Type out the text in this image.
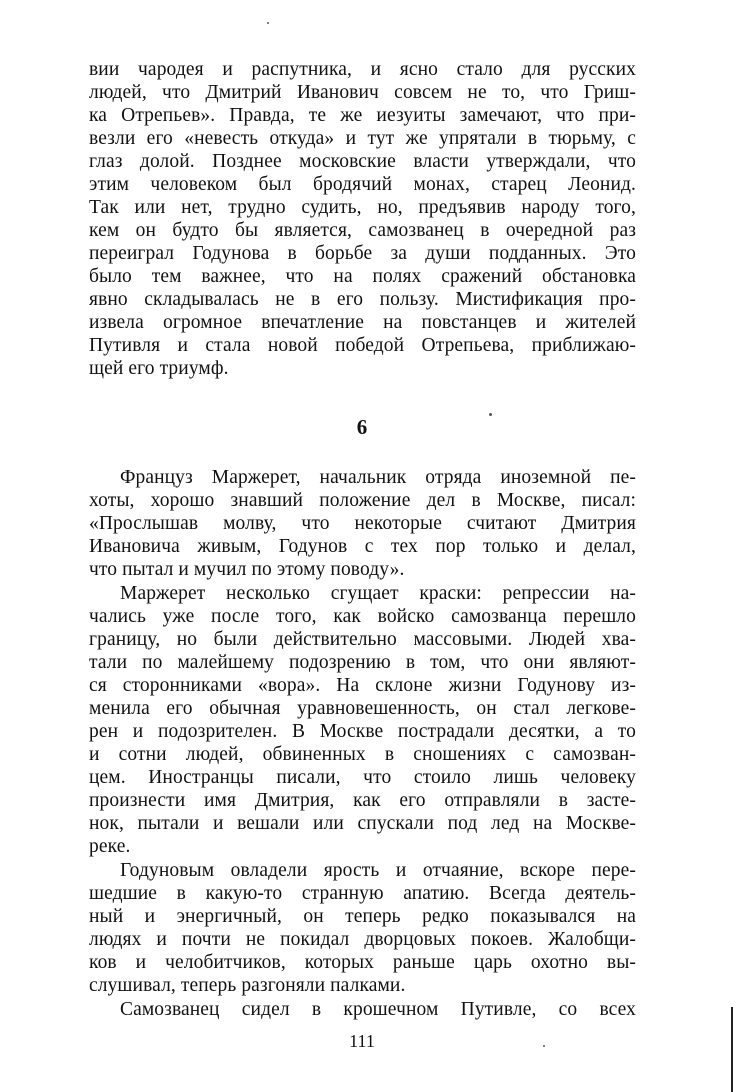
вии чародея и распутника, и ясно стало для русских
людей, что Дмитрий Иванович совсем не то, что Гриш-
ка Отрепьев». Правда, те же иезуиты замечают, что при-
везли его «невесть откуда» и тут же упрятали в тюрьму, с
глаз долой. Позднее московские власти утверждали, что
этим человеком был бродячий монах, старец Леонид.
Так или нет, трудно судить, но, предъявив народу того,
кем он будто бы является, самозванец в очередной раз
переиграл Годунова в борьбе за души подданных. Это
было тем важнее, что на полях сражений обстановка
явно складывалась не в его пользу. Мистификация про-
извела огромное впечатление на повстанцев и жителей
Путивля и стала новой победой Отрепьева, приближаю-
щей его триумф.
6
Француз Маржерет, начальник отряда иноземной пе-
хоты, хорошо знавший положение дел в Москве, писал:
«Прослышав молву, что некоторые считают Дмитрия
Ивановича живым, Годунов с тех пор только и делал,
что пытал и мучил по этому поводу».
Маржерет несколько сгущает краски: репрессии на-
чались уже после того, как войско самозванца перешло
границу, но были действительно массовыми. Людей хва-
тали по малейшему подозрению в том, что они являют-
ся сторонниками «вора». На склоне жизни Годунову из-
менила его обычная уравновешенность, он стал легкове-
рен и подозрителен. В Москве пострадали десятки, а то
и сотни людей, обвиненных в сношениях с самозван-
цем. Иностранцы писали, что стоило лишь человеку
произнести имя Дмитрия, как его отправляли в засте-
нок, пытали и вешали или спускали под лед на Москве-
реке.
Годуновым овладели ярость и отчаяние, вскоре пере-
шедшие в какую-то странную апатию. Всегда деятель-
ный и энергичный, он теперь редко показывался на
людях и почти не покидал дворцовых покоев. Жалобщи-
ков и челобитчиков, которых раньше царь охотно вы-
слушивал, теперь разгоняли палками.
Самозванец сидел в крошечном Путивле, со всех
111
